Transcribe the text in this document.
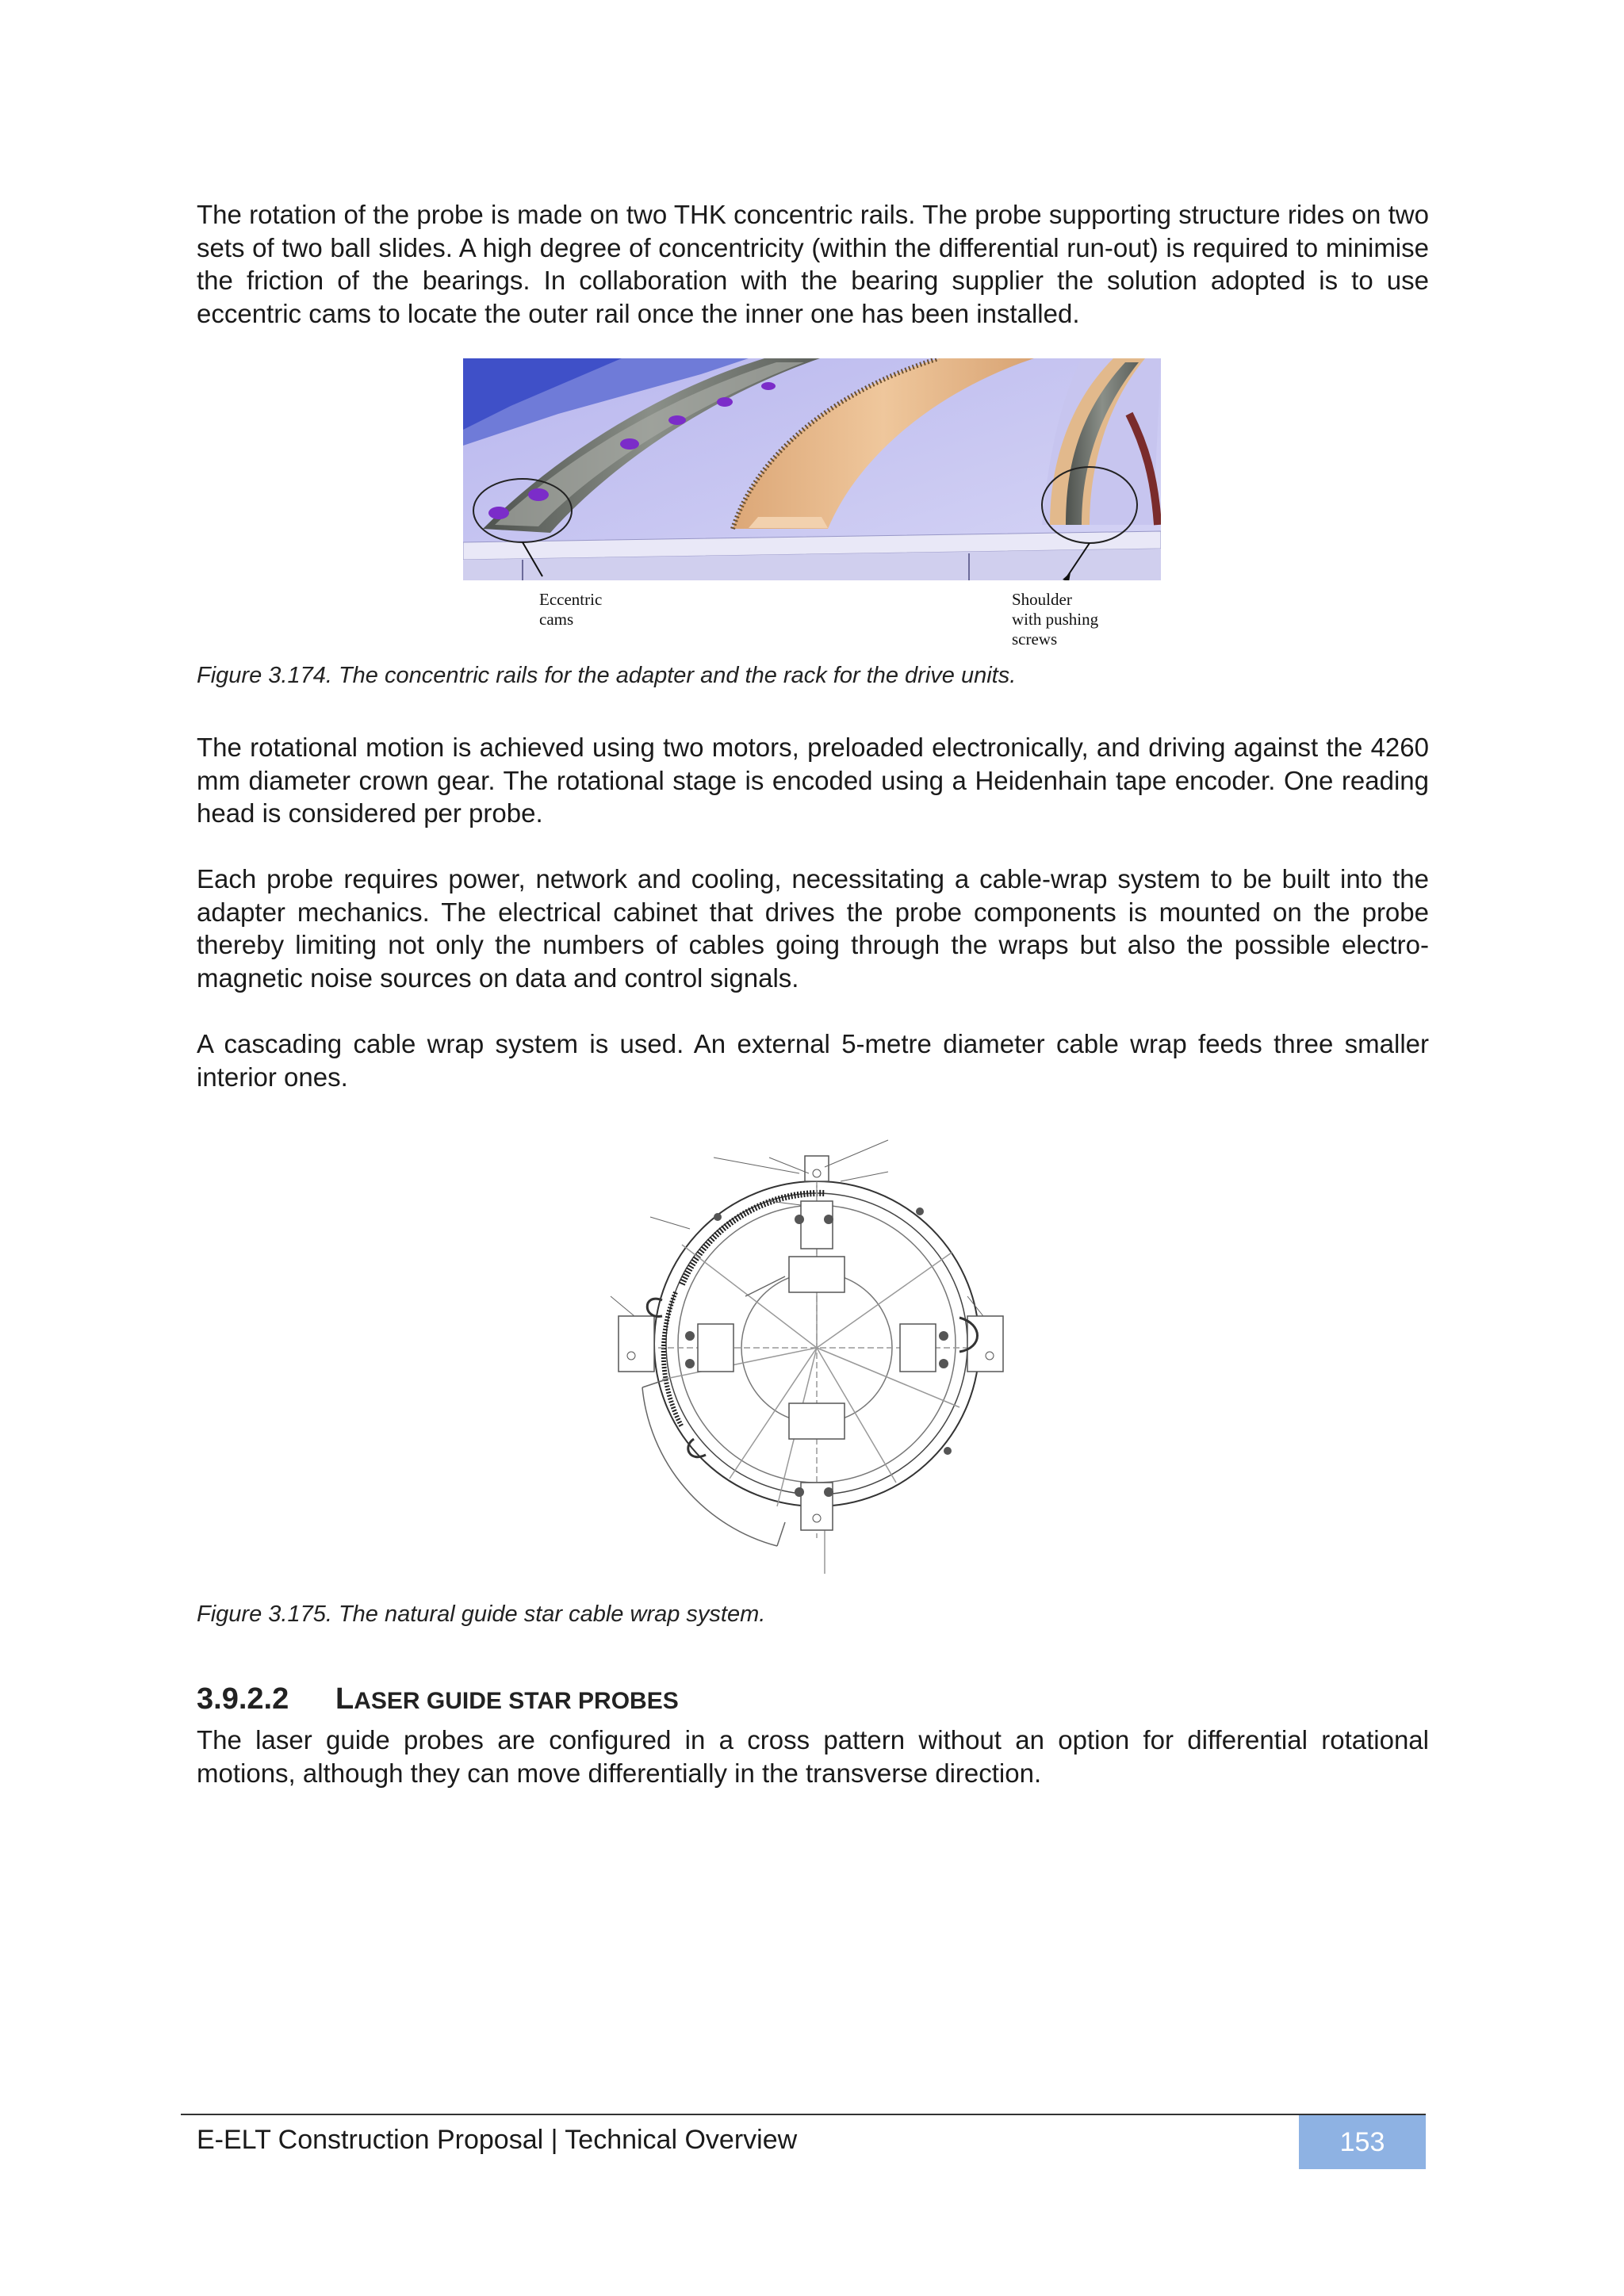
The rotation of the probe is made on two THK concentric rails. The probe supporting structure rides on two sets of two ball slides. A high degree of concentricity (within the differential run-out) is required to minimise the friction of the bearings. In collaboration with the bearing supplier the solution adopted is to use eccentric cams to locate the outer rail once the inner one has been installed.

Eccentric
cams
Shoulder
with pushing
screws

Figure 3.174. The concentric rails for the adapter and the rack for the drive units.

The rotational motion is achieved using two motors, preloaded electronically, and driving against the 4260 mm diameter crown gear. The rotational stage is encoded using a Heidenhain tape encoder. One reading head is considered per probe.

Each probe requires power, network and cooling, necessitating a cable-wrap system to be built into the adapter mechanics. The electrical cabinet that drives the probe components is mounted on the probe thereby limiting not only the numbers of cables going through the wraps but also the possible electro-magnetic noise sources on data and control signals.

A cascading cable wrap system is used. An external 5-metre diameter cable wrap feeds three smaller interior ones.

Figure 3.175. The natural guide star cable wrap system.

3.9.2.2 LASER GUIDE STAR PROBES

The laser guide probes are configured in a cross pattern without an option for differential rotational motions, although they can move differentially in the transverse direction.

E-ELT Construction Proposal | Technical Overview	153
